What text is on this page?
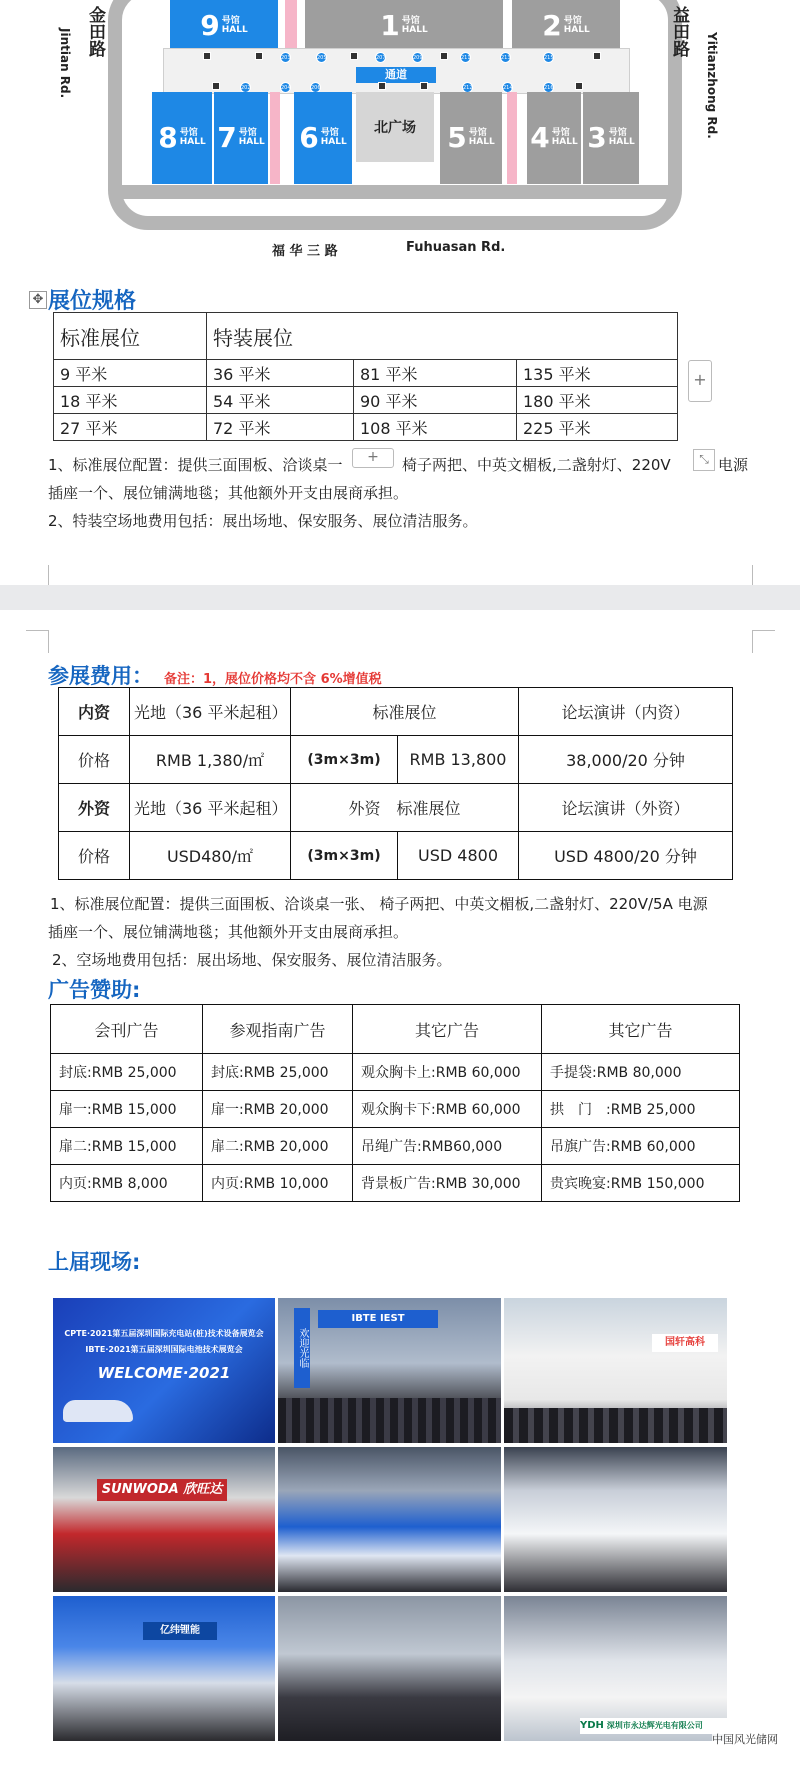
9 号馆
HALL	1 号馆
HALL	2 号馆
HALL
通道
203	205	207	209	211	213	215
202	204	206	212	214	216
8 号馆
HALL 7 号馆
HALL 6 号馆
HALL
北广场	5 号馆
HALL 4 号馆
HALL 3 号馆
HALL
金田路
Jintian Rd.	益田路
Yitianzhong Rd.
福 华 三 路	Fuhuasan Rd.
✥ 展位规格
标准展位	特装展位		
9 平米	36 平米	81 平米	135 平米
18 平米	54 平米	90 平米	180 平米
27 平米	72 平米	108 平米	225 平米
+
+	⤡
1、标准展位配置：提供三面围板、洽谈桌一	椅子两把、中英文楣板,二盏射灯、220V	电源
插座一个、展位铺满地毯；其他额外开支由展商承担。
2、特装空场地费用包括：展出场地、保安服务、展位清洁服务。
参展费用： 备注：1，展位价格均不含 6%增值税
内资	光地（36 平米起租）	标准展位		论坛演讲（内资）
价格	RMB 1,380/㎡	(3m×3m)	RMB 13,800	38,000/20 分钟
外资	光地（36 平米起租）	外资　标准展位		论坛演讲（外资）
价格	USD480/㎡	(3m×3m)	USD 4800	USD 4800/20 分钟
1、标准展位配置：提供三面围板、洽谈桌一张、 椅子两把、中英文楣板,二盏射灯、220V/5A 电源
插座一个、展位铺满地毯；其他额外开支由展商承担。
2、空场地费用包括：展出场地、保安服务、展位清洁服务。
广告赞助:
会刊广告	参观指南广告	其它广告	其它广告
封底:RMB 25,000	封底:RMB 25,000	观众胸卡上:RMB 60,000	手提袋:RMB 80,000
扉一:RMB 15,000	扉一:RMB 20,000	观众胸卡下:RMB 60,000	拱　门　:RMB 25,000
扉二:RMB 15,000	扉二:RMB 20,000	吊绳广告:RMB60,000	吊旗广告:RMB 60,000
内页:RMB 8,000	内页:RMB 10,000	背景板广告:RMB 30,000	贵宾晚宴:RMB 150,000
上届现场:
CPTE·2021第五届深圳国际充电站(桩)技术设备展览会
IBTE·2021第五届深圳国际电池技术展览会
WELCOME·2021
欢迎光临
IBTE IEST
国轩高科
SUNWODA 欣旺达
亿纬锂能
YDH 深圳市永达辉光电有限公司
中国风光储网
